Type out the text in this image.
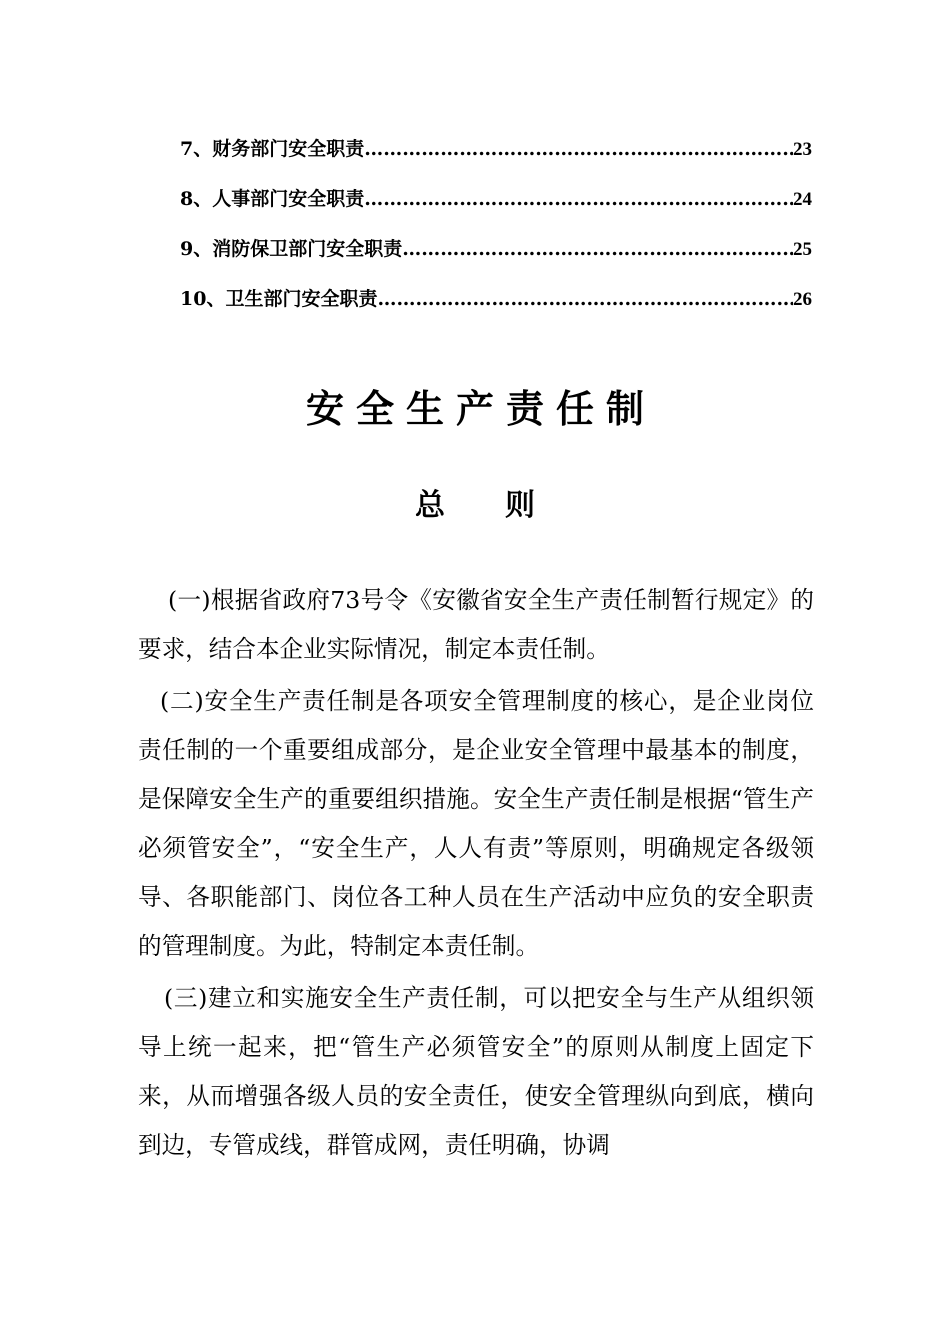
7、财务部门安全职责 …………………………………………………………………………………………………………	23
8、人事部门安全职责 …………………………………………………………………………………………………………	24
9、消防保卫部门安全职责 …………………………………………………………………………………………………………	25
10、卫生部门安全职责 …………………………………………………………………………………………………………	26
安全生产责任制
总 则

(一)根据省政府73号令《安徽省安全生产责任制暂行规定》的要求，结合本企业实际情况，制定本责任制。

(二)安全生产责任制是各项安全管理制度的核心，是企业岗位责任制的一个重要组成部分，是企业安全管理中最基本的制度，是保障安全生产的重要组织措施。安全生产责任制是根据“管生产必须管安全”，“安全生产，人人有责”等原则，明确规定各级领导、各职能部门、岗位各工种人员在生产活动中应负的安全职责的管理制度。为此，特制定本责任制。

(三)建立和实施安全生产责任制，可以把安全与生产从组织领导上统一起来，把“管生产必须管安全”的原则从制度上固定下来，从而增强各级人员的安全责任，使安全管理纵向到底，横向到边，专管成线，群管成网，责任明确，协调
